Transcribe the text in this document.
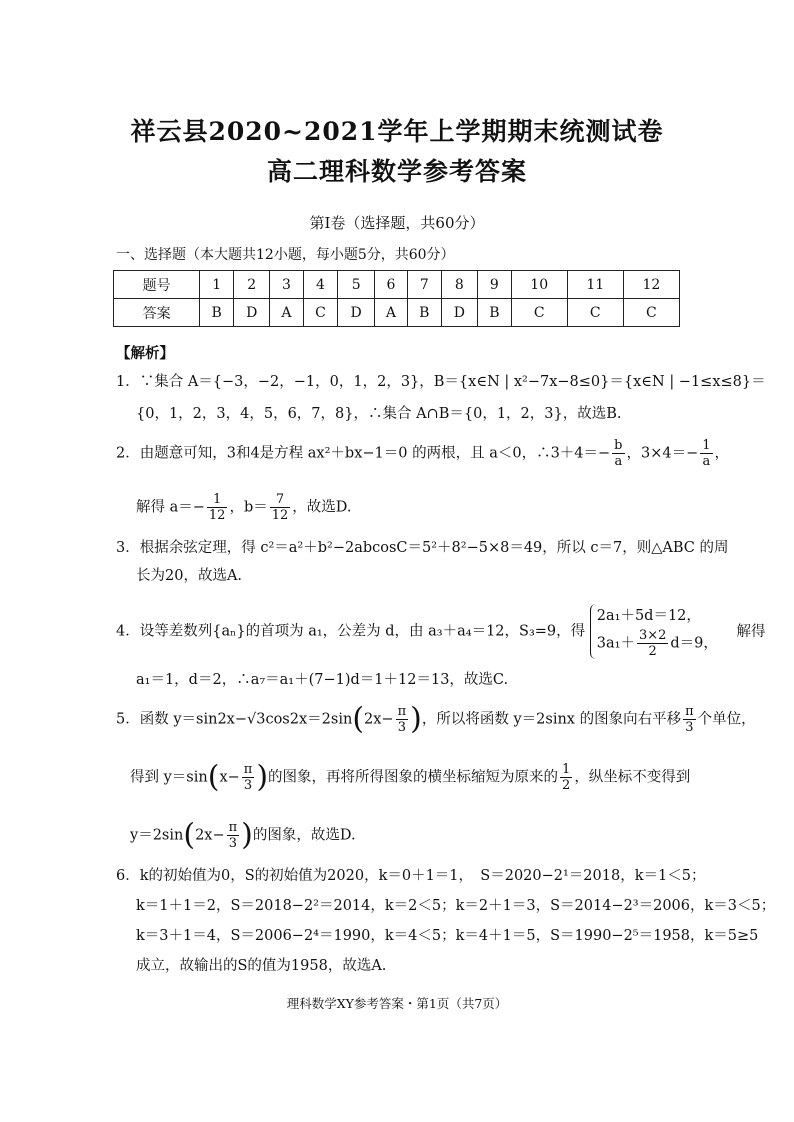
祥云县2020~2021学年上学期期末统测试卷
高二理科数学参考答案
第Ⅰ卷（选择题，共60分）
一、选择题（本大题共12小题，每小题5分，共60分）
题号	1	2	3	4	5	6	7	8	9	10	11	12
答案	B	D	A	C	D	A	B	D	B	C	C	C
【解析】
1．∵集合 A＝{−3，−2，−1，0，1，2，3}，B＝{x∈N | x²−7x−8≤0}＝{x∈N | −1≤x≤8}＝
{0，1，2，3，4，5，6，7，8}，∴集合 A∩B＝{0，1，2，3}，故选B.
2．由题意可知，3和4是方程 ax²＋bx−1＝0 的两根，且 a＜0，∴3＋4＝− $\frac{b}{a}$ ，$3\times 4=- \frac{1}{a}$ ，
解得 $a=- \frac{1}{12}$ ，$b= \frac{7}{12}$ ，故选D.
3．根据余弦定理，得 c²＝a²＋b²−2abcosC＝5²＋8²−5×8＝49，所以 c＝7，则△ABC 的周
长为20，故选A.
4．设等差数列{aₙ}的首项为 a₁，公差为 d，由 a₃＋a₄＝12，S₃=9，得
2a₁＋5d＝12，
$3a_1+ \frac{3\times 2}{2} d=9$，
解得
a₁＝1，d＝2，∴a₇＝a₁＋(7−1)d＝1＋12＝13，故选C.
5．函数 $y=\sin 2x-√3\cos 2x=2\sin(2x- \frac{\pi}{3}$ )，所以将函数 y＝2sinx 的图象向右平移 $\frac{\pi}{3}$ 个单位，
得到 $y=\sin(x- \frac{\pi}{3}$ )的图象，再将所得图象的横坐标缩短为原来的 $\frac{1}{2}$ ，纵坐标不变得到
$y=2\sin(2x- \frac{\pi}{3}$ )的图象，故选D.
6．k的初始值为0，S的初始值为2020，k＝0＋1＝1，　S＝2020−2¹＝2018，k＝1＜5；
k＝1＋1＝2，S＝2018−2²＝2014，k＝2＜5；k＝2＋1＝3，S＝2014−2³＝2006，k＝3＜5；
k＝3＋1＝4，S＝2006−2⁴＝1990，k＝4＜5；k＝4＋1＝5，S＝1990−2⁵＝1958，k＝5≥5
成立，故输出的S的值为1958，故选A.
理科数学XY参考答案・第1页（共7页）
